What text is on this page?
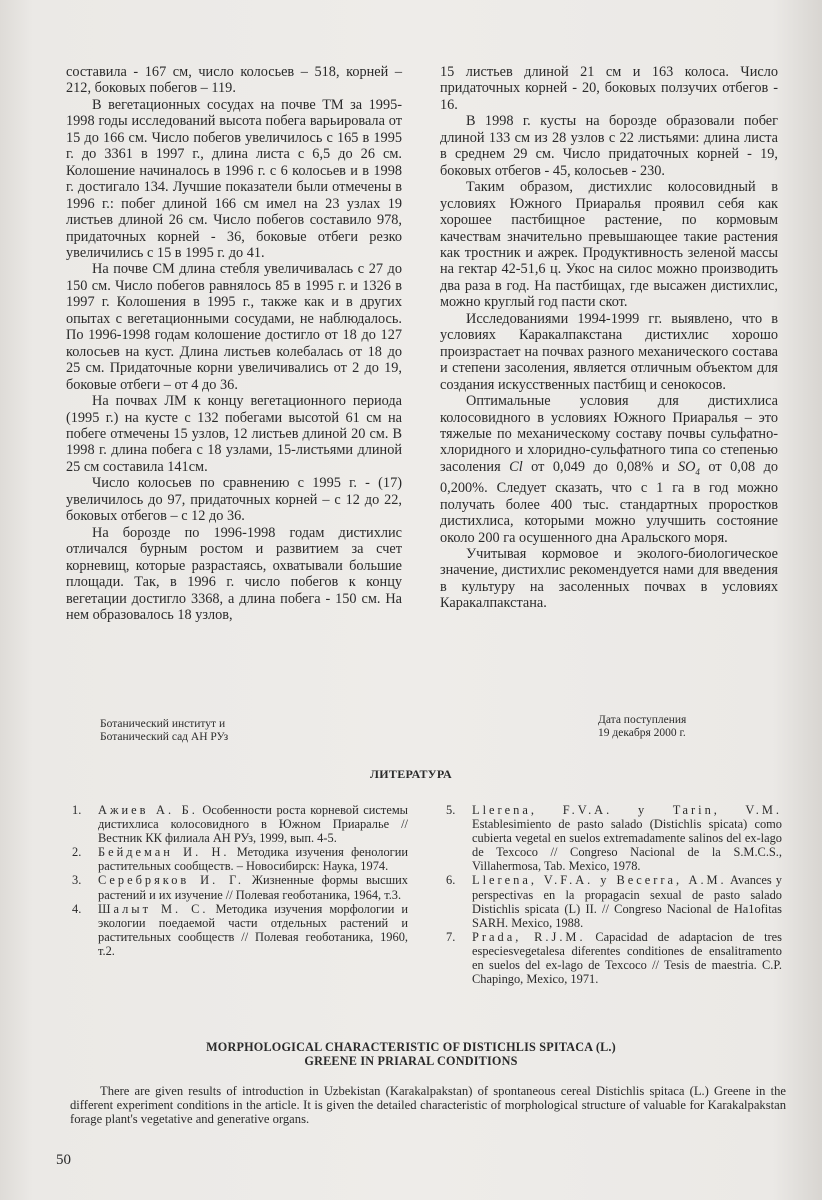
составила - 167 см, число колосьев – 518, корней – 212, боковых побегов – 119.

В вегетационных сосудах на почве ТМ за 1995-1998 годы исследований высота побега варьировала от 15 до 166 см. Число побегов увеличилось с 165 в 1995 г. до 3361 в 1997 г., длина листа с 6,5 до 26 см. Колошение начиналось в 1996 г. с 6 колосьев и в 1998 г. достигало 134. Лучшие показатели были отмечены в 1996 г.: побег длиной 166 см имел на 23 узлах 19 листьев длиной 26 см. Число побегов составило 978, придаточных корней - 36, боковые отбеги резко увеличились с 15 в 1995 г. до 41.

На почве СМ длина стебля увеличивалась с 27 до 150 см. Число побегов равнялось 85 в 1995 г. и 1326 в 1997 г. Колошения в 1995 г., также как и в других опытах с вегетационными сосудами, не наблюдалось. По 1996-1998 годам колошение достигло от 18 до 127 колосьев на куст. Длина листьев колебалась от 18 до 25 см. Придаточные корни увеличивались от 2 до 19, боковые отбеги – от 4 до 36.

На почвах ЛМ к концу вегетационного периода (1995 г.) на кусте с 132 побегами высотой 61 см на побеге отмечены 15 узлов, 12 листьев длиной 20 см. В 1998 г. длина побега с 18 узлами, 15-листьями длиной 25 см составила 141см.

Число колосьев по сравнению с 1995 г. - (17) увеличилось до 97, придаточных корней – с 12 до 22, боковых отбегов – с 12 до 36.

На борозде по 1996-1998 годам дистихлис отличался бурным ростом и развитием за счет корневищ, которые разрастаясь, охватывали большие площади. Так, в 1996 г. число побегов к концу вегетации достигло 3368, а длина побега - 150 см. На нем образовалось 18 узлов,

15 листьев длиной 21 см и 163 колоса. Число придаточных корней - 20, боковых ползучих отбегов - 16.

В 1998 г. кусты на борозде образовали побег длиной 133 см из 28 узлов с 22 листьями: длина листа в среднем 29 см. Число придаточных корней - 19, боковых отбегов - 45, колосьев - 230.

Таким образом, дистихлис колосовидный в условиях Южного Приаралья проявил себя как хорошее пастбищное растение, по кормовым качествам значительно превышающее такие растения как тростник и ажрек. Продуктивность зеленой массы на гектар 42-51,6 ц. Укос на силос можно производить два раза в год. На пастбищах, где высажен дистихлис, можно круглый год пасти скот.

Исследованиями 1994-1999 гг. выявлено, что в условиях Каракалпакстана дистихлис хорошо произрастает на почвах разного механического состава и степени засоления, является отличным объектом для создания искусственных пастбищ и сенокосов.

Оптимальные условия для дистихлиса колосовидного в условиях Южного Приаралья – это тяжелые по механическому составу почвы сульфатно-хлоридного и хлоридно-сульфатного типа со степенью засоления Cl от 0,049 до 0,08% и $SO_4$ от 0,08 до 0,200%. Следует сказать, что с 1 га в год можно получать более 400 тыс. стандартных проростков дистихлиса, которыми можно улучшить состояние около 200 га осушенного дна Аральского моря.

Учитывая кормовое и эколого-биологическое значение, дистихлис рекомендуется нами для введения в культуру на засоленных почвах в условиях Каракалпакстана.

Ботанический институт и
Ботанический сад АН РУз
Дата поступления
19 декабря 2000 г.
ЛИТЕРАТУРА
1.	Ажиев А. Б. Особенности роста корневой системы дистихлиса колосовидного в Южном Приаралье // Вестник КК филиала АН РУз, 1999, вып. 4-5.
2.	Бейдеман И. Н. Методика изучения фенологии растительных сообществ. – Новосибирск: Наука, 1974.
3.	Серебряков И. Г. Жизненные формы высших растений и их изучение // Полевая геоботаника, 1964, т.3.
4.	Шалыт М. С. Методика изучения морфологии и экологии поедаемой части отдельных растений и растительных сообществ // Полевая геоботаника, 1960, т.2.
5.	Llerena, F.V.A. y Tarin, V.M. Establesimiento de pasto salado (Distichlis spicata) como cubierta vegetal en suelos extremadamente salinos del ex-lago de Texcoco // Congreso Nacional de la S.M.C.S., Villahermosa, Tab. Mexico, 1978.
6.	Llerena, V.F.A. y Becerra, A.M. Avances y perspectivas en la propagacin sexual de pasto salado Distichlis spicata (L) II. // Congreso Nacional de Ha1ofitas SARH. Mexico, 1988.
7.	Prada, R.J.M. Capacidad de adaptacion de tres especiesvegetalesa diferentes conditiones de ensalitramento en suelos del ex-lago de Texcoco // Tesis de maestria. C.P. Chapingo, Mexico, 1971.
MORPHOLOGICAL CHARACTERISTIC OF DISTICHLIS SPITACA (L.)
GREENE IN PRIARAL CONDITIONS
There are given results of introduction in Uzbekistan (Karakalpakstan) of spontaneous cereal Distichlis spitaca (L.) Greene in the different experiment conditions in the article. It is given the detailed characteristic of morphological structure of valuable for Karakalpakstan forage plant's vegetative and generative organs.
50
